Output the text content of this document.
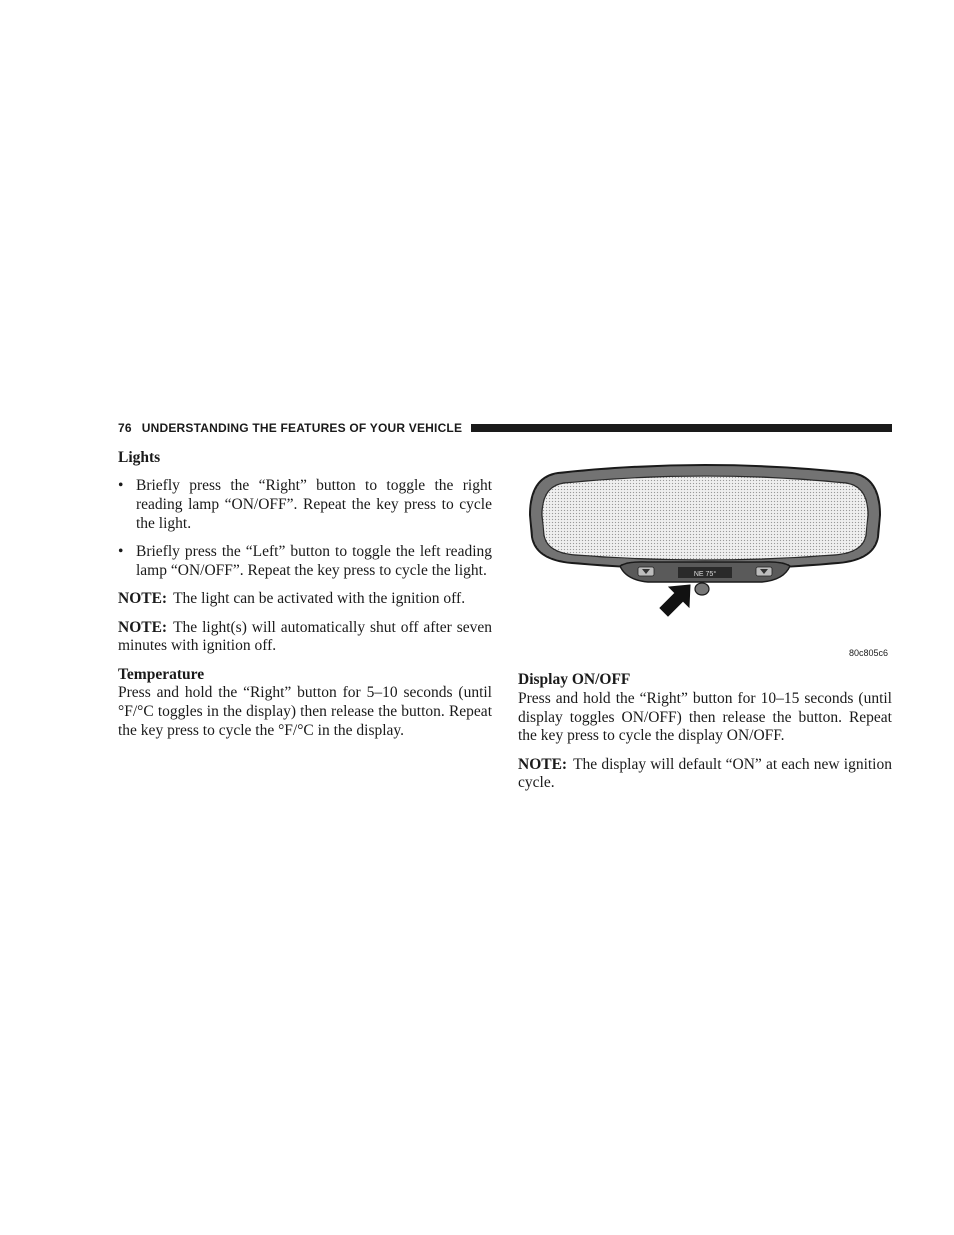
76 UNDERSTANDING THE FEATURES OF YOUR VEHICLE
Lights
• Briefly press the “Right” button to toggle the right reading lamp “ON/OFF”. Repeat the key press to cycle the light.
• Briefly press the “Left” button to toggle the left reading lamp “ON/OFF”. Repeat the key press to cycle the light.

NOTE: The light can be activated with the ignition off.

NOTE: The light(s) will automatically shut off after seven minutes with ignition off.

Temperature

Press and hold the “Right” button for 5–10 seconds (until °F/°C toggles in the display) then release the button. Repeat the key press to cycle the °F/°C in the display.

NE 75°
80c805c6
Display ON/OFF

Press and hold the “Right” button for 10–15 seconds (until display toggles ON/OFF) then release the button. Repeat the key press to cycle the display ON/OFF.

NOTE: The display will default “ON” at each new ignition cycle.
